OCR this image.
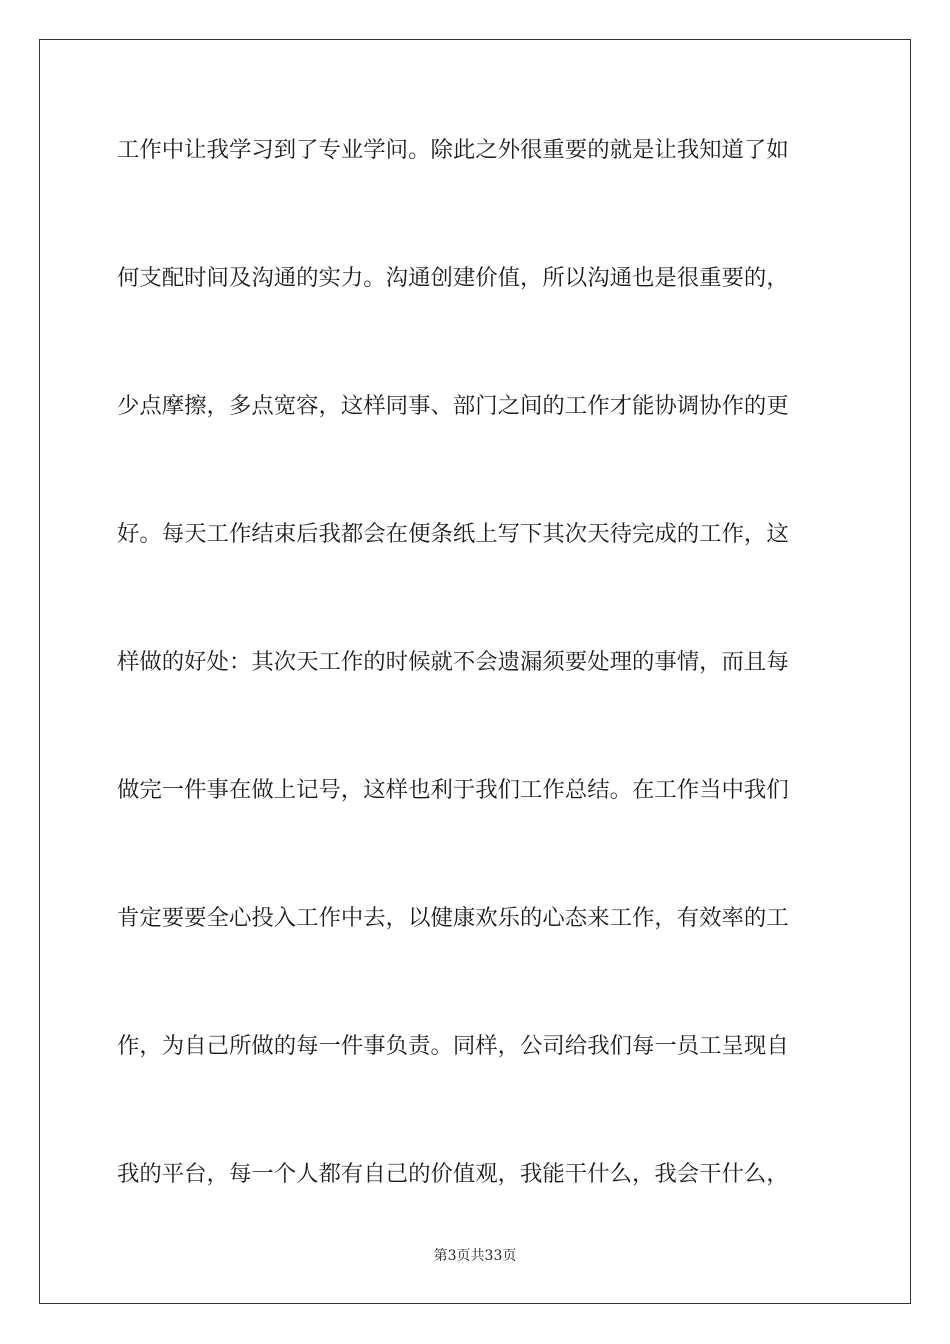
工作中让我学习到了专业学问。除此之外很重要的就是让我知道了如

何支配时间及沟通的实力。沟通创建价值，所以沟通也是很重要的，

少点摩擦，多点宽容，这样同事、部门之间的工作才能协调协作的更

好。每天工作结束后我都会在便条纸上写下其次天待完成的工作，这

样做的好处：其次天工作的时候就不会遗漏须要处理的事情，而且每

做完一件事在做上记号，这样也利于我们工作总结。在工作当中我们

肯定要要全心投入工作中去，以健康欢乐的心态来工作，有效率的工

作，为自己所做的每一件事负责。同样，公司给我们每一员工呈现自

我的平台，每一个人都有自己的价值观，我能干什么，我会干什么，

第3页共33页
